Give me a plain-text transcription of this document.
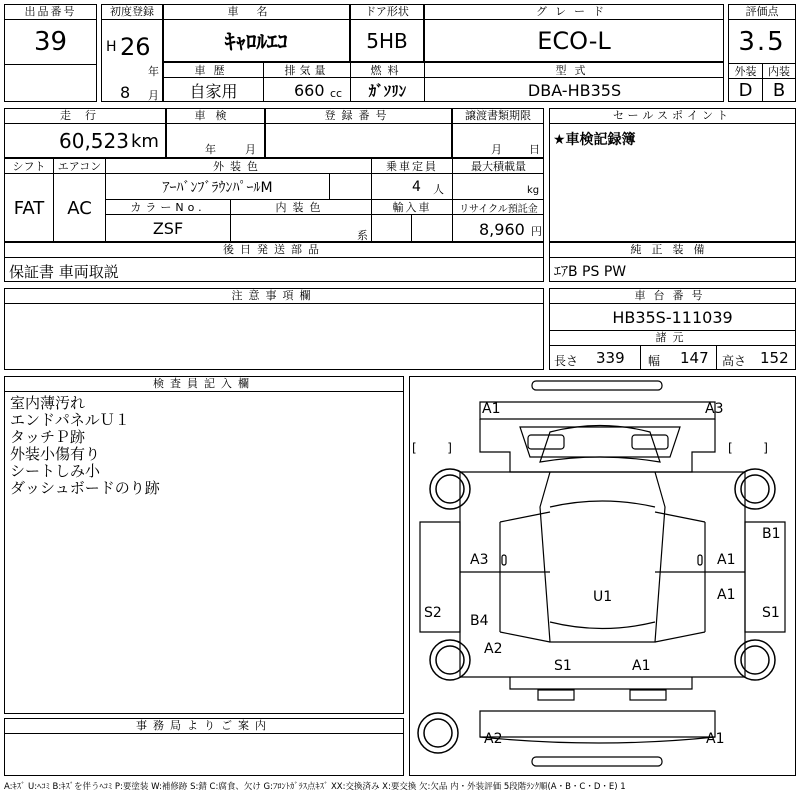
出品番号
39
初度登録
H 26
年
8 月
車名
ｷｬﾛﾙｴｺ
ドア形状
5HB
グレード
ECO-L
評価点
3.5
外装	内装
D	B
車歴
自家用
排気量
660 cc
燃料
ｶﾞｿﾘﾝ
型式
DBA-HB35S
走行
60,523 km
車検
年	月
登録番号	譲渡書類期限
月 日
セールスポイント
★車検記録簿
シフト
FAT
エアコン
AC
外装色
ｱｰﾊﾞﾝﾌﾞﾗｳﾝﾊﾟｰﾙM
乗車定員
4 人
最大積載量
kg
カラーNo.
ZSF
内装色
系
輸入車	リサイクル預託金
8,960 円
後日発送部品
保証書 車両取説
純正装備
ｴｱB PS PW
注意事項欄	車台番号
HB35S-111039
諸元
長さ 339 幅 147 高さ 152
検査員記入欄
室内薄汚れ
エンドパネルＵ１
タッチＰ跡
外装小傷有り
シートしみ小
ダッシュボードのり跡
事務局よりご案内
[        ]	[        ]
A1	A3
B1
A3	A1
A1
S2	S1
B4
U1
A2
S1	A1
A2	A1
A:ｷｽﾞ U:ﾍｺﾐ B:ｷｽﾞを伴うﾍｺﾐ P:要塗装 W:補修跡 S:錆 C:腐食、欠け G:ﾌﾛﾝﾄｶﾞﾗｽ点ｷｽﾞ XX:交換済み X:要交換 欠:欠品 内・外装評価 5段階ﾗﾝｸ順(A・B・C・D・E) 1
